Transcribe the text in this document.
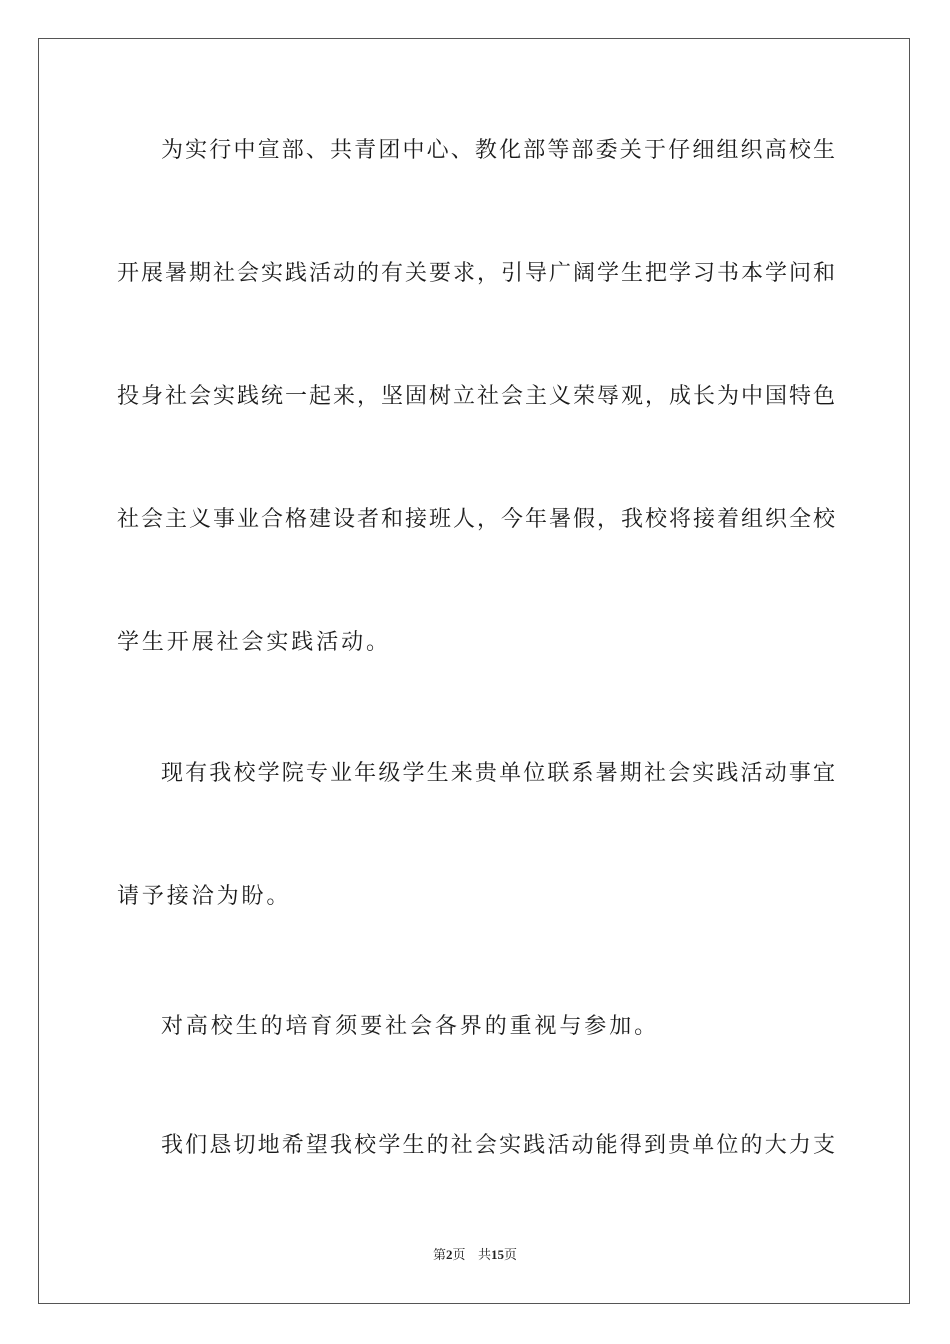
为实行中宣部、共青团中心、教化部等部委关于仔细组织高校生
开展暑期社会实践活动的有关要求，引导广阔学生把学习书本学问和
投身社会实践统一起来，坚固树立社会主义荣辱观，成长为中国特色
社会主义事业合格建设者和接班人，今年暑假，我校将接着组织全校
学生开展社会实践活动。
现有我校学院专业年级学生来贵单位联系暑期社会实践活动事宜
请予接洽为盼。
对高校生的培育须要社会各界的重视与参加。
我们恳切地希望我校学生的社会实践活动能得到贵单位的大力支
第2页   共15页
